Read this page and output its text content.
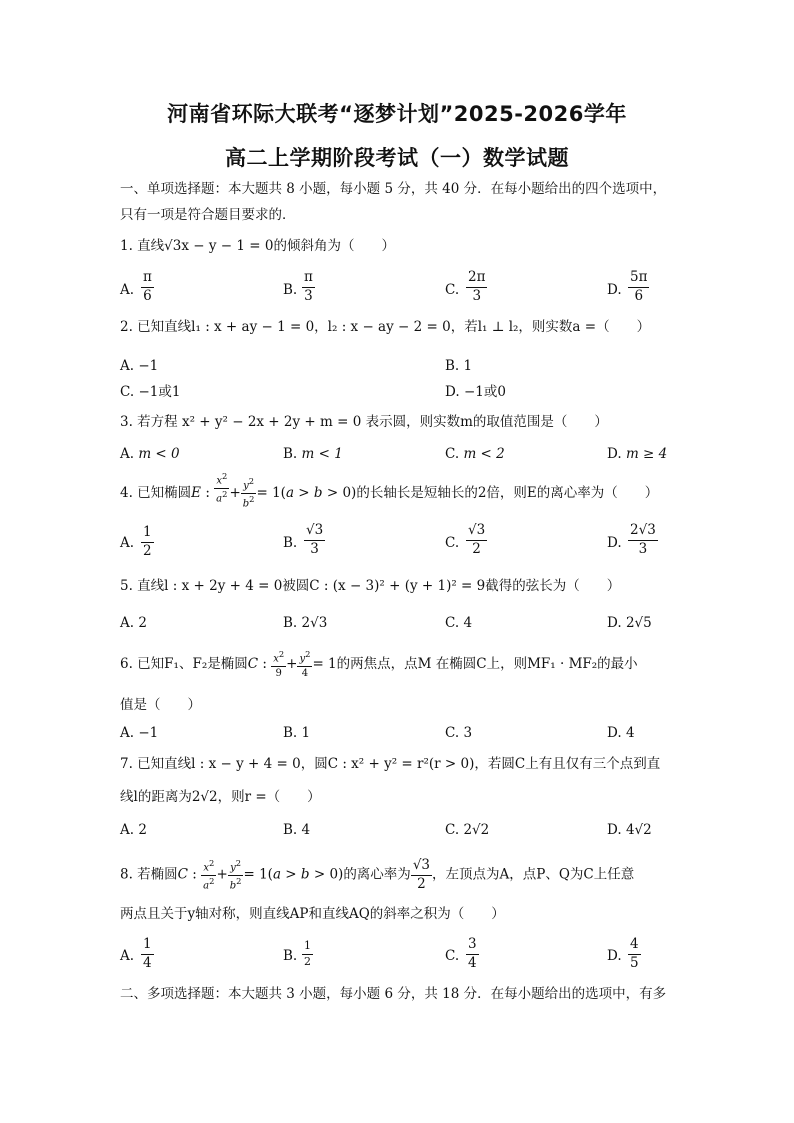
河南省环际大联考“逐梦计划”2025-2026学年
高二上学期阶段考试（一）数学试题
一、单项选择题：本大题共 8 小题，每小题 5 分，共 40 分．在每小题给出的四个选项中，
只有一项是符合题目要求的．
1. 直线√3x − y − 1 = 0的倾斜角为（　　）
A. $\frac{\pi}{6}$	B. $\frac{\pi}{3}$	C. $\frac{2\pi}{3}$	D. $\frac{5\pi}{6}$
2. 已知直线l₁ : x + ay − 1 = 0，l₂ : x − ay − 2 = 0，若l₁ ⊥ l₂，则实数a =（　　）
A. −1	B. 1
C. −1或1	D. −1或0
3. 若方程 x² + y² − 2x + 2y + m = 0 表示圆，则实数m的取值范围是（　　）
A. m < 0	B. m < 1	C. m < 2	D. m ≥ 4
4. 已知椭圆E : $\frac{x^2}{a^2} + \frac{y^2}{b^2} = 1(a > b > 0)$的长轴长是短轴长的2倍，则E的离心率为（　　）
A. $\frac{1}{2}$	B. $\frac{√3}{3}$	C. $\frac{√3}{2}$	D. $\frac{2√3}{3}$
5. 直线l : x + 2y + 4 = 0被圆C : (x − 3)² + (y + 1)² = 9截得的弦长为（　　）
A. 2	B. 2√3	C. 4	D. 2√5
6. 已知F₁、F₂是椭圆C : $\frac{x^2}{9} + \frac{y^2}{4} = 1$的两焦点，点M 在椭圆C上，则MF₁ · MF₂的最小
值是（　　）
A. −1	B. 1	C. 3	D. 4
7. 已知直线l : x − y + 4 = 0，圆C : x² + y² = r²(r > 0)，若圆C上有且仅有三个点到直
线l的距离为2√2，则r =（　　）
A. 2	B. 4	C. 2√2	D. 4√2
8. 若椭圆C : $\frac{x^2}{a^2} + \frac{y^2}{b^2} = 1(a > b > 0)$的离心率为 $\frac{√3}{2}$ ，左顶点为A，点P、Q为C上任意
两点且关于y轴对称，则直线AP和直线AQ的斜率之积为（　　）
A. $\frac{1}{4}$	B. $\frac{1}{2}$	C. $\frac{3}{4}$	D. $\frac{4}{5}$
二、多项选择题：本大题共 3 小题，每小题 6 分，共 18 分．在每小题给出的选项中，有多
